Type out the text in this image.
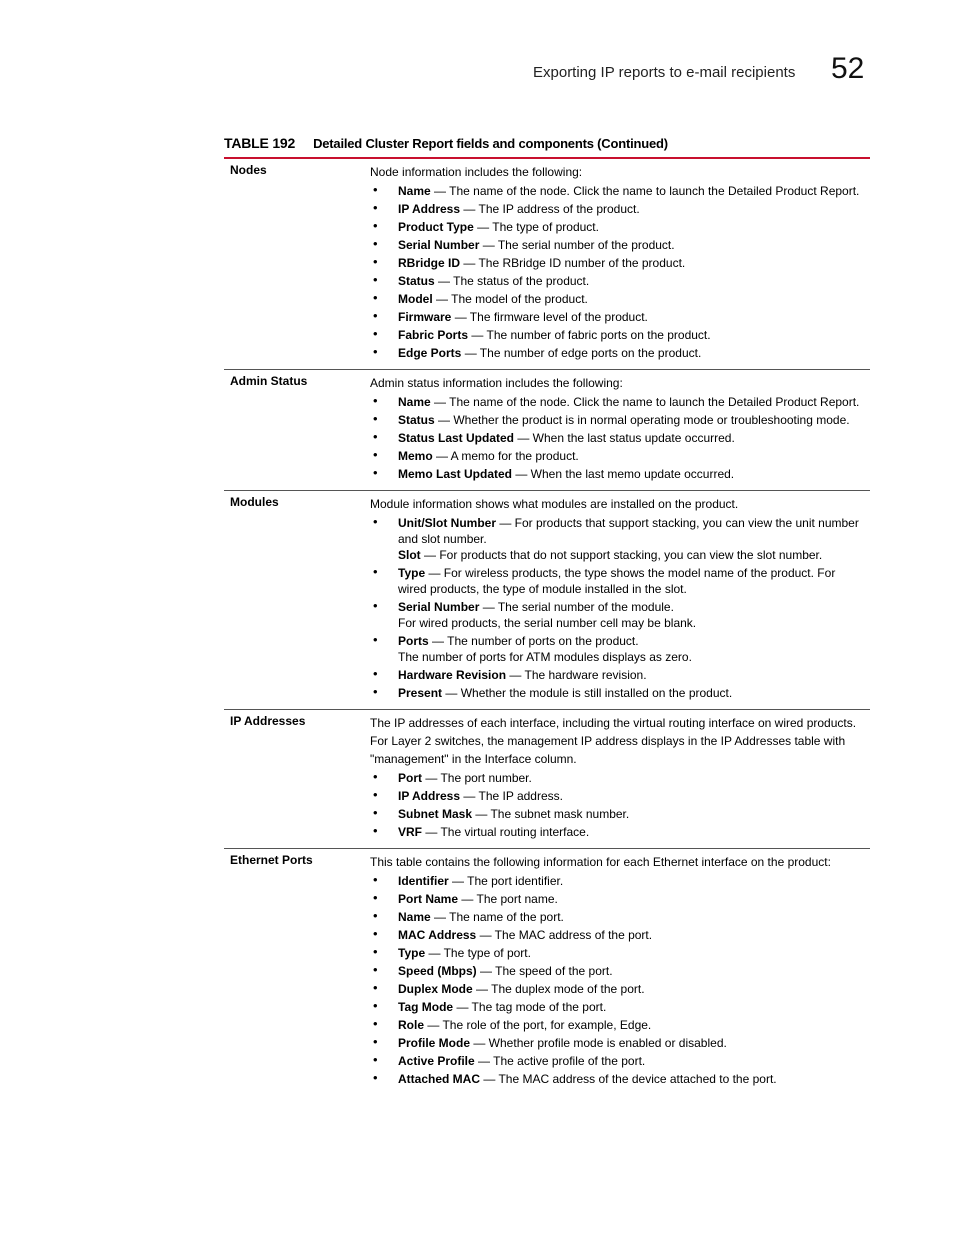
Exporting IP reports to e-mail recipients 52
TABLE 192 Detailed Cluster Report fields and components (Continued)
Nodes	Node information includes the following:
• Name — The name of the node. Click the name to launch the Detailed Product Report.
• IP Address — The IP address of the product.
• Product Type — The type of product.
• Serial Number — The serial number of the product.
• RBridge ID — The RBridge ID number of the product.
• Status — The status of the product.
• Model — The model of the product.
• Firmware — The firmware level of the product.
• Fabric Ports — The number of fabric ports on the product.
• Edge Ports — The number of edge ports on the product.
Admin Status	Admin status information includes the following:
• Name — The name of the node. Click the name to launch the Detailed Product Report.
• Status — Whether the product is in normal operating mode or troubleshooting mode.
• Status Last Updated — When the last status update occurred.
• Memo — A memo for the product.
• Memo Last Updated — When the last memo update occurred.
Modules	Module information shows what modules are installed on the product.
• Unit/Slot Number — For products that support stacking, you can view the unit number and slot number.
Slot — For products that do not support stacking, you can view the slot number.
• Type — For wireless products, the type shows the model name of the product. For wired products, the type of module installed in the slot.
• Serial Number — The serial number of the module.
For wired products, the serial number cell may be blank.
• Ports — The number of ports on the product.
The number of ports for ATM modules displays as zero.
• Hardware Revision — The hardware revision.
• Present — Whether the module is still installed on the product.
IP Addresses	The IP addresses of each interface, including the virtual routing interface on wired products. For Layer 2 switches, the management IP address displays in the IP Addresses table with "management" in the Interface column.
• Port — The port number.
• IP Address — The IP address.
• Subnet Mask — The subnet mask number.
• VRF — The virtual routing interface.
Ethernet Ports	This table contains the following information for each Ethernet interface on the product:
• Identifier — The port identifier.
• Port Name — The port name.
• Name — The name of the port.
• MAC Address — The MAC address of the port.
• Type — The type of port.
• Speed (Mbps) — The speed of the port.
• Duplex Mode — The duplex mode of the port.
• Tag Mode — The tag mode of the port.
• Role — The role of the port, for example, Edge.
• Profile Mode — Whether profile mode is enabled or disabled.
• Active Profile — The active profile of the port.
• Attached MAC — The MAC address of the device attached to the port.
